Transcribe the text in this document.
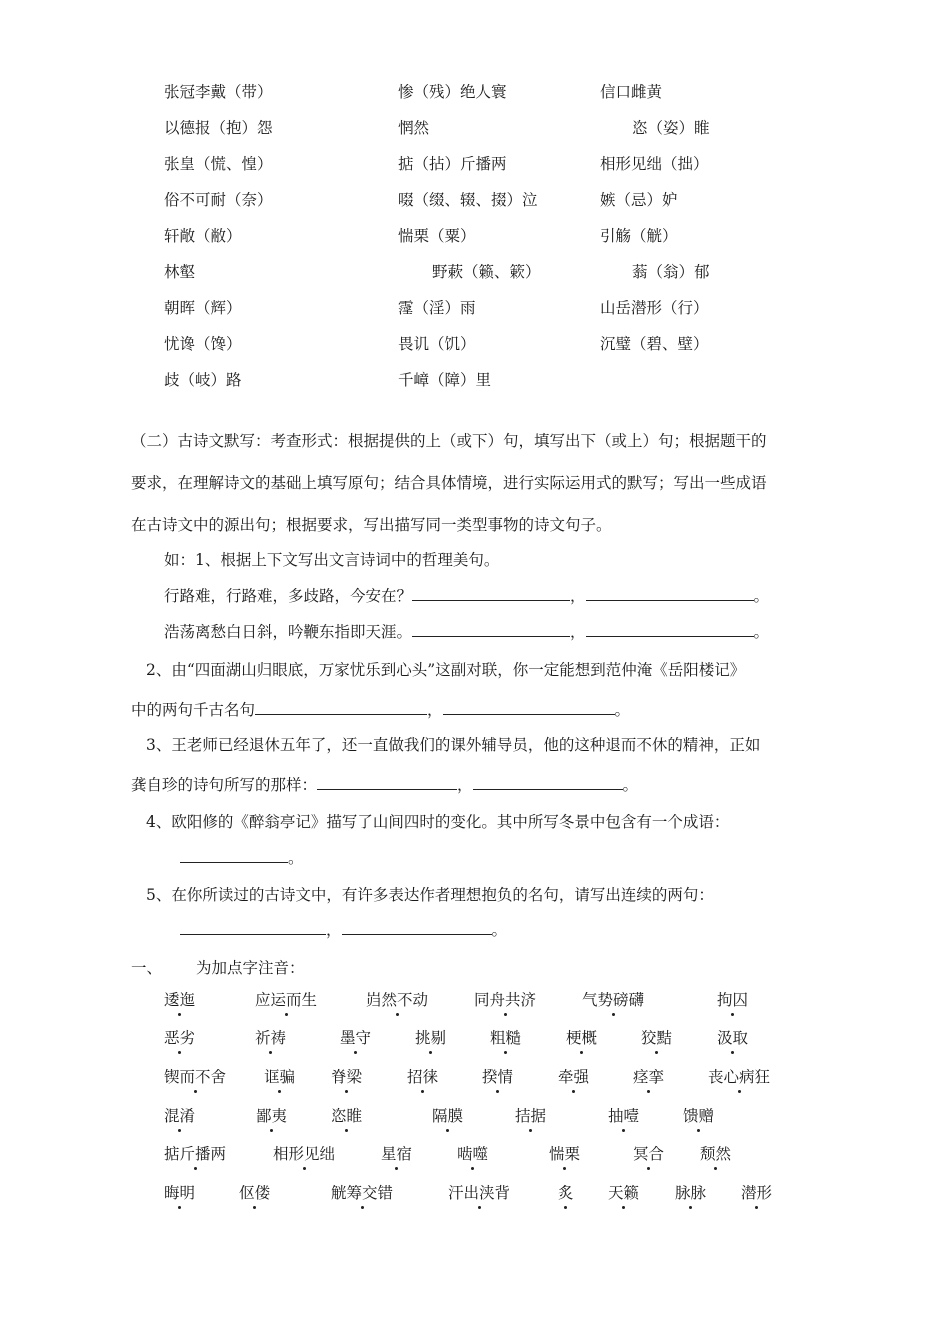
张冠李戴（带）	惨（残）绝人寰	信口雌黄
以德报（抱）怨	惘然	恣（姿）睢
张皇（慌、惶）	掂（拈）斤播两	相形见绌（拙）
俗不可耐（奈）	啜（缀、辍、掇）泣	嫉（忌）妒
轩敞（敝）	惴栗（粟）	引觞（觥）
林壑	野蔌（籁、簌）	蓊（翁）郁
朝晖（辉）	霪（淫）雨	山岳潜形（行）
忧谗（馋）	畏讥（饥）	沉璧（碧、壁）
歧（岐）路	千嶂（障）里
（二）古诗文默写：考查形式：根据提供的上（或下）句，填写出下（或上）句；根据题干的
要求，在理解诗文的基础上填写原句；结合具体情境，进行实际运用式的默写；写出一些成语
在古诗文中的源出句；根据要求，写出描写同一类型事物的诗文句子。
如：1、根据上下文写出文言诗词中的哲理美句。
行路难，行路难，多歧路，今安在？	，	。
浩荡离愁白日斜，吟鞭东指即天涯。	，	。
2、由“四面湖山归眼底，万家忧乐到心头”这副对联，你一定能想到范仲淹《岳阳楼记》
中的两句千古名句	，	。
3、王老师已经退休五年了，还一直做我们的课外辅导员，他的这种退而不休的精神，正如
龚自珍的诗句所写的那样：	，	。
4、欧阳修的《醉翁亭记》描写了山间四时的变化。其中所写冬景中包含有一个成语：
。
5、在你所读过的古诗文中，有许多表达作者理想抱负的名句，请写出连续的两句：
，	。
一、 为加点字注音：
逶迤	应运而生	岿然不动	同舟共济	气势磅礴	拘囚
恶劣	祈祷	墨守	挑剔	粗糙	梗概	狡黠	汲取
锲而不舍 诓骗 脊梁	招徕	揆情	牵强	痉挛	丧心病狂
混淆	鄙夷	恣睢	隔膜	拮据	抽噎	馈赠
掂斤播两	相形见绌	星宿	啮噬	惴栗	冥合 颓然
晦明	伛偻	觥筹交错	汗出浃背	炙 天籁 脉脉 潜形
